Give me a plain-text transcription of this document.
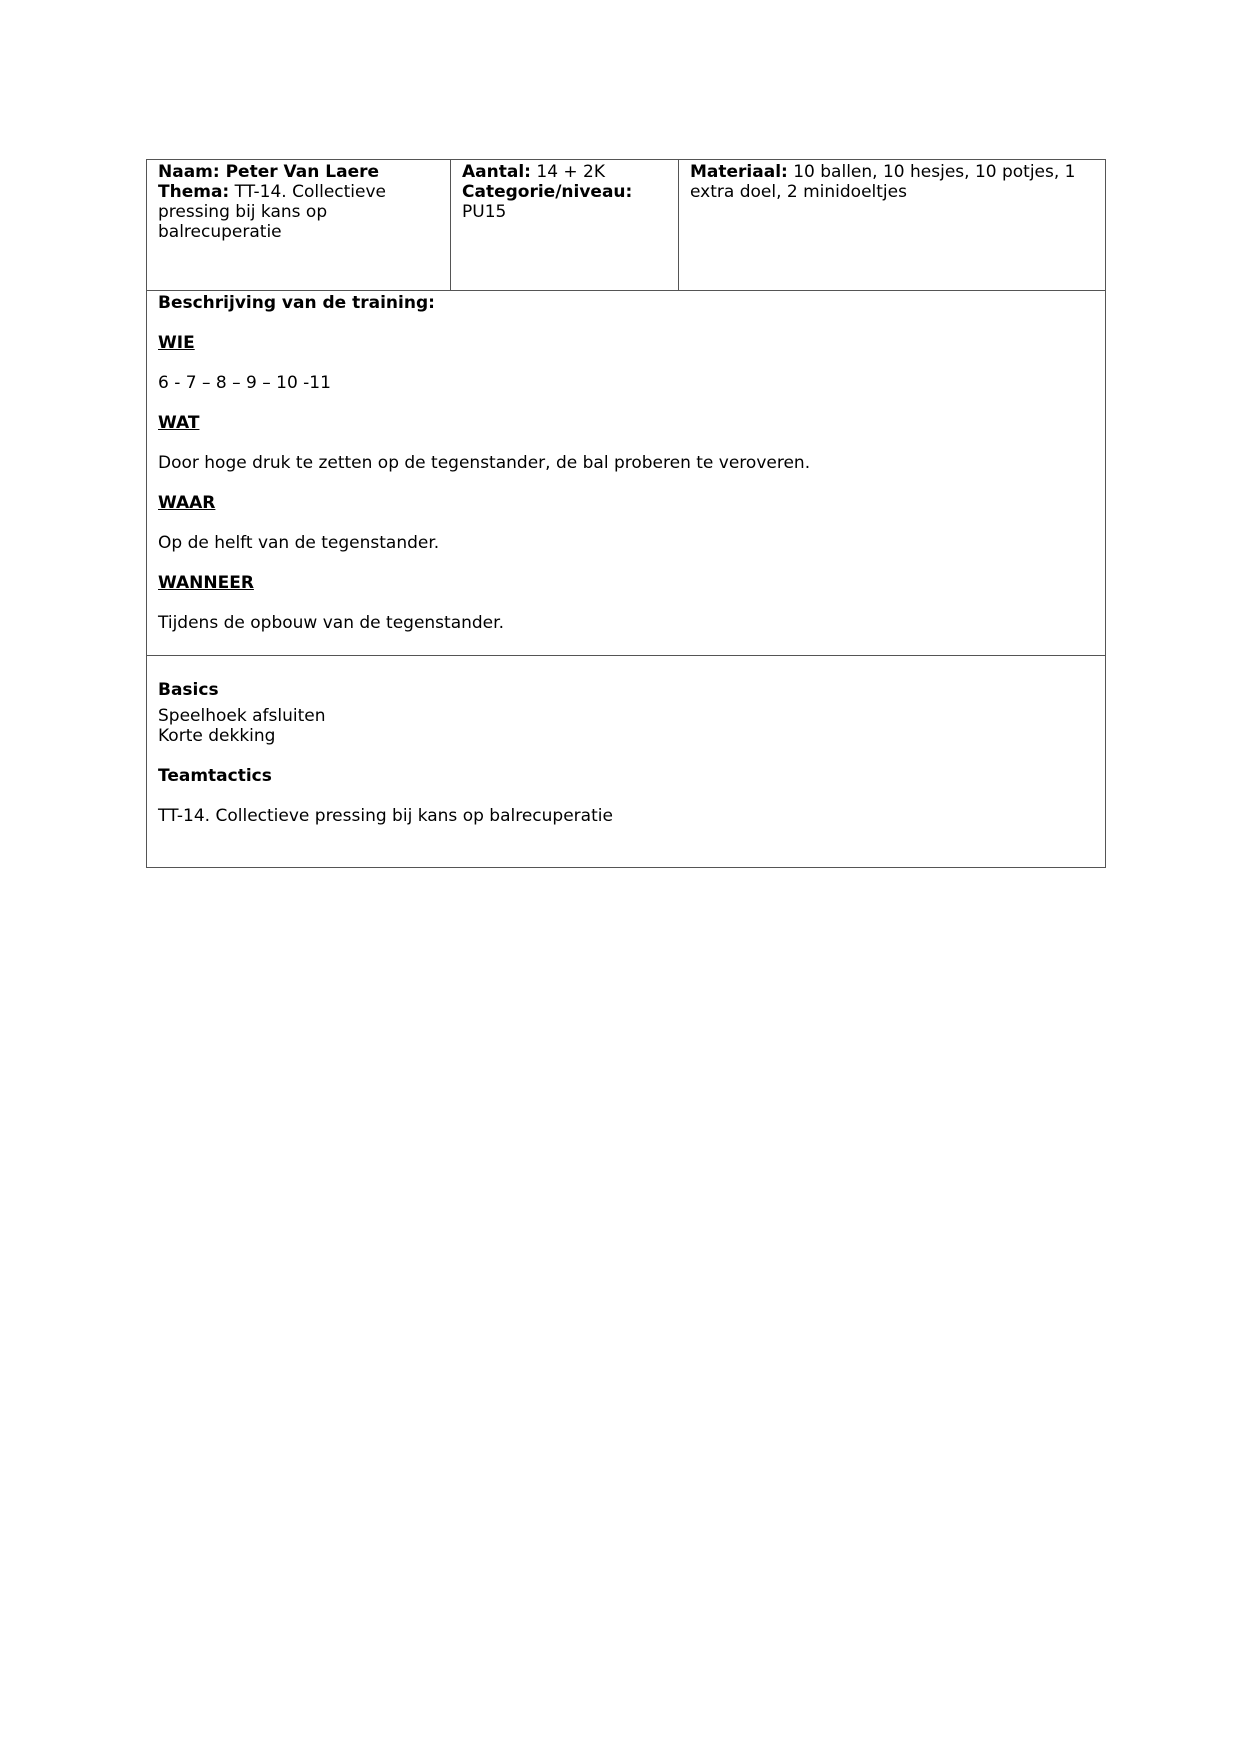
Naam: Peter Van Laere

Thema: TT-14. Collectieve pressing bij kans op balrecuperatie

Aantal: 14 + 2K

Categorie/niveau:

PU15

Materiaal: 10 ballen, 10 hesjes, 10 potjes, 1 extra doel, 2 minidoeltjes

Beschrijving van de training:

WIE

6 - 7 – 8 – 9 – 10 -11

WAT

Door hoge druk te zetten op de tegenstander, de bal proberen te veroveren.

WAAR

Op de helft van de tegenstander.

WANNEER

Tijdens de opbouw van de tegenstander.

Basics

Speelhoek afsluiten

Korte dekking

Teamtactics

TT-14. Collectieve pressing bij kans op balrecuperatie
